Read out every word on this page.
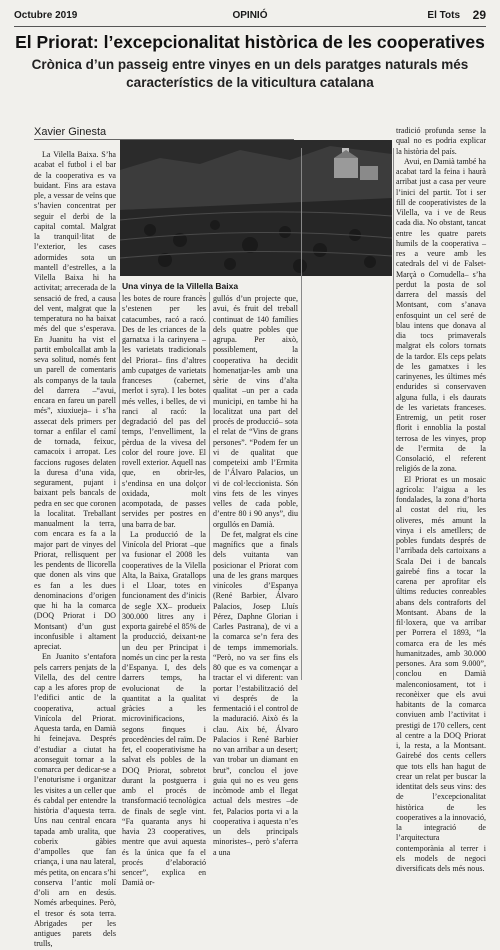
Octubre 2019	OPINIÓ	El Tots 29
El Priorat: l’excepcionalitat històrica de les cooperatives
Crònica d’un passeig entre vinyes en un dels paratges naturals més característics de la viticultura catalana
Xavier Ginesta

La Vilella Baixa. S’ha acabat el futbol i el bar de la cooperativa es va buidant. Fins ara estava ple, a vessar de veïns que s’havien concentrat per seguir el derbi de la capital comtal. Malgrat la tranquil·litat de l’exterior, les cases adormides sota un mantell d’estrelles, a la Vilella Baixa hi ha activitat; arreceradа de la sensació de fred, a causa del vent, malgrat que la temperatura no ha baixat més del que s’esperava. En Juanitu ha vist el partit embolcallat amb la seva solitud, només fent un parell de comentaris als companys de la taula del darrera –“avui, encara en fareu un parell més”, xiuxiueja– i s’ha assecat dels primers per tornar a enfilar el camí de tornada, feixuc, camacoix i arropat. Les faccions rugoses delaten la duresa d’una vida, segurament, pujant i baixant pels bancals de pedra en sec que coronen la localitat. Treballant manualment la terra, com encara es fa a la major part de vinyes del Priorat, rellisquent per les pendents de llicorella que donen als vins que es fan a les dues denominacions d’origen que hi ha la comarca (DOQ Priorat i DO Montsant) d’un gust inconfusible i altament apreciat.

En Juanito s’entafora pels carrers penjats de la Vilella, des del centre cap a les afores prop de l’edifici antic de la cooperativa, actual Vinícola del Priorat. Aquesta tarda, en Damià hi feinejava. Després d’estudiar a ciutat ha aconseguit tornar a la comarca per dedicar-se a l’enoturisme i organitzar les visites a un celler que és cabdal per entendre la història d’aquesta terra. Uns nau central encara tapada amb uralita, que coberix gàbies d’ampolles que fan criança, i una nau lateral, més petita, on encara s’hi conserva l’antic molí d’oli arn en desús. Només arbequines. Però, el tresor és sota terra. Abrigades per les antigues parets dels trulls,

Una vinya de la Villella Baixa

les botes de roure francès s’estenen per les catacumbes, racó a racó. Des de les criances de la garnatxa i la carinyena –les varietats tradicionals del Priorat– fins d’altres amb cupatges de varietats franceses (cabernet, merlot i syra). I les botes més velles, i belles, de vi ranci al racó: la degradació del pas del temps, l’envelliment, la pèrdua de la vivesa del color del roure jove. El rovell exterior. Aquell nas que, en obrir-les, s’endinsa en una dolçor oxidada, molt acompotada, de passes servides per postres en una barra de bar.

La producció de la Vinícola del Priorat –que va fusionar el 2008 les cooperatives de la Vilella Alta, la Baixa, Gratallops i el Lloar, totes en funcionament des d’inicis de segle XX– produeix 300.000 litres any i exporta gairebé el 85% de la producció, deixant-ne un deu per Principat i només un cinc per la resta d’Espanya. I, des dels darrers temps, ha evolucionat de la quantitat a la qualitat gràcies a les microvinificacions, segons finques i procedències del raïm. De fet, el cooperativisme ha salvat els pobles de la DOQ Priorat, sobretot durant la postguerra i amb el procés de transformació tecnològica de finals de segle vint. “Fa quaranta anys hi havia 23 cooperatives, mentre que avui aquesta és la única que fa el procés d’elaboració sencer”, explica en Damià or-

gullós d’un projecte que, avui, és fruit del treball continuat de 140 famílies dels quatre pobles que agrupa. Per això, possiblement, la cooperativa ha decidit homenatjar-les amb una sèrie de vins d’alta qualitat –un per a cada municipi, en tambe hi ha localitzat una part del procés de producció– sota el relat de “Vins de grans persones”. “Podem fer un vi de qualitat que competeixi amb l’Ermita de l’Álvaro Palacios, un vi de col·leccionista. Són vins fets de les vinyes velles de cada poble, d’entre 80 i 90 anys”, diu orgullós en Damià.

De fet, malgrat els cine magnífics que a finals dels vuitanta van posicionar el Priorat com una de les grans marques vinícoles d’Espanya (René Barbier, Álvaro Palacios, Josep Lluís Pérez, Daphne Glorian i Carles Pastrana), de vi a la comarca se’n fera des de temps immemorials. “Però, no va ser fins els 80 que es va començar a tractar el vi diferent: van portar l’estabilització del vi després de la fermentació i el control de la maduració. Això és la clau. Aix bé, Álvaro Palacios i René Barbier no van arribar a un desert; van trobar un diamant en brut”, conclou el jove guia qui no es veu gens incòmode amb el llegat actual dels mestres –de fet, Palacios porta vi a la cooperativa i aquesta n’es un dels principals minoristes–, però s’afeгra a una

tradició profunda sense la qual no es podria explicar la història del país.

Avui, en Damià també ha acabat tard la feina i haurà arribat just a casa per veure l’inici del partit. Tot i ser fill de cooperativistes de la Vilella, va i ve de Reus cada dia. No obstant, tancat entre les quatre parets humils de la cooperativa –res a veure amb les catedrals del vi de Falset-Marçà o Cornudella– s’ha perdut la posta de sol darrera del massís del Montsant, com s’anava enfosquint un cel seré de blau intens que donava al dia tocs primaverals malgrat els colors tornats de la tardor. Els ceps pelats de les gamatxes i les carinyenes, les últimes més endurides si conservaven alguna fulla, i els daurats de les varietats franceses. Entremig, un petit roser florit i ennoblia la postal terrosa de les vinyes, prop de l’ermita de la Consolació, el referent religiós de la zona.

El Priorat es un mosaic agrícola: l’aigua a les fondalades, la zona d’horta al costat del riu, les oliveres, més amunt la vinya i els ametllers; de pobles fundats després de l’arribada dels cartoixans a Scala Dei i de bancals gairebé fins a tocar la carena per aprofitar els últims reductes conreables abans dels contraforts del Montsant. Abans de la fil·loxera, que va arribar per Porrera el 1893, “la comarca era de les més humanitzades, amb 30.000 persones. Ara som 9.000”, conclou en Damià malenconiosament, tot i reconèixer que els avui habitants de la comarca conviuen amb l’activitat i prestigi de 170 cellers, cent al centre a la DOQ Priorat i, la resta, a la Montsant. Gairebé dos cents cellers que tots ells han hagut de crear un relat per buscar la identitat dels seus vins: des de l’excepcionalitat històrica de les cooperatives a la innovació, la integració de l’arquitectura contemporània al terrer i els models de negoci diversificats dels més nous.
